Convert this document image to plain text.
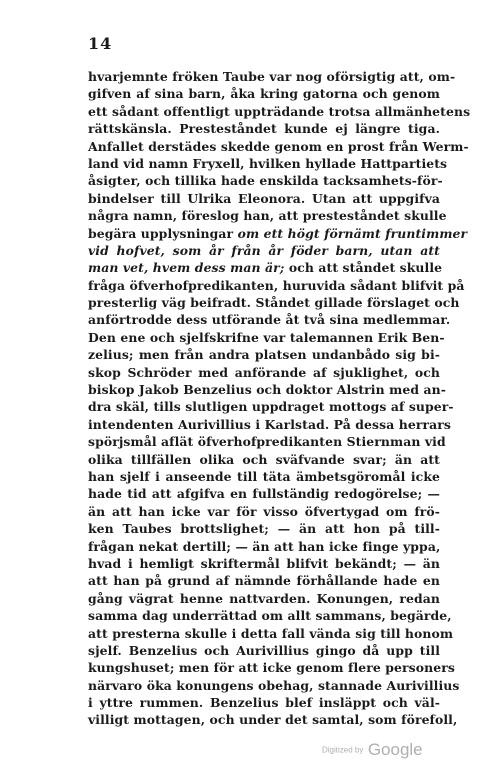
14
hvarjemnte fröken Taube var nog oförsigtig att, om-
gifven af sina barn, åka kring gatorna och genom
ett sådant offentligt uppträdande trotsa allmänhetens
rättskänsla. Presteståndet kunde ej längre tiga.
Anfallet derstädes skedde genom en prost från Werm-
land vid namn Fryxell, hvilken hyllade Hattpartiets
åsigter, och tillika hade enskilda tacksamhets-för-
bindelser till Ulrika Eleonora. Utan att uppgifva
några namn, föreslog han, att presteståndet skulle
begära upplysningar om ett högt förnämt fruntimmer
vid hofvet, som år från år föder barn, utan att
man vet, hvem dess man är; och att ståndet skulle
fråga öfverhofpredikanten, huruvida sådant blifvit på
presterlig väg beifradt. Ståndet gillade förslaget och
anförtrodde dess utförande åt två sina medlemmar.
Den ene och sjelfskrifne var talemannen Erik Ben-
zelius; men från andra platsen undanbådo sig bi-
skop Schröder med anförande af sjuklighet, och
biskop Jakob Benzelius och doktor Alstrin med an-
dra skäl, tills slutligen uppdraget mottogs af super-
intendenten Aurivillius i Karlstad. På dessa herrars
spörjsmål aflät öfverhofpredikanten Stiernman vid
olika tillfällen olika och sväfvande svar; än att
han sjelf i anseende till täta ämbetsgöromål icke
hade tid att afgifva en fullständig redogörelse; —
än att han icke var för visso öfvertygad om frö-
ken Taubes brottslighet; — än att hon på till-
frågan nekat dertill; — än att han icke finge yppa,
hvad i hemligt skriftermål blifvit bekändt; — än
att han på grund af nämnde förhållande hade en
gång vägrat henne nattvarden. Konungen, redan
samma dag underrättad om allt sammans, begärde,
att presterna skulle i detta fall vända sig till honom
sjelf. Benzelius och Aurivillius gingo då upp till
kungshuset; men för att icke genom flere personers
närvaro öka konungens obehag, stannade Aurivillius
i yttre rummen. Benzelius blef insläppt och väl-
villigt mottagen, och under det samtal, som förefoll,
Digitized by Google
